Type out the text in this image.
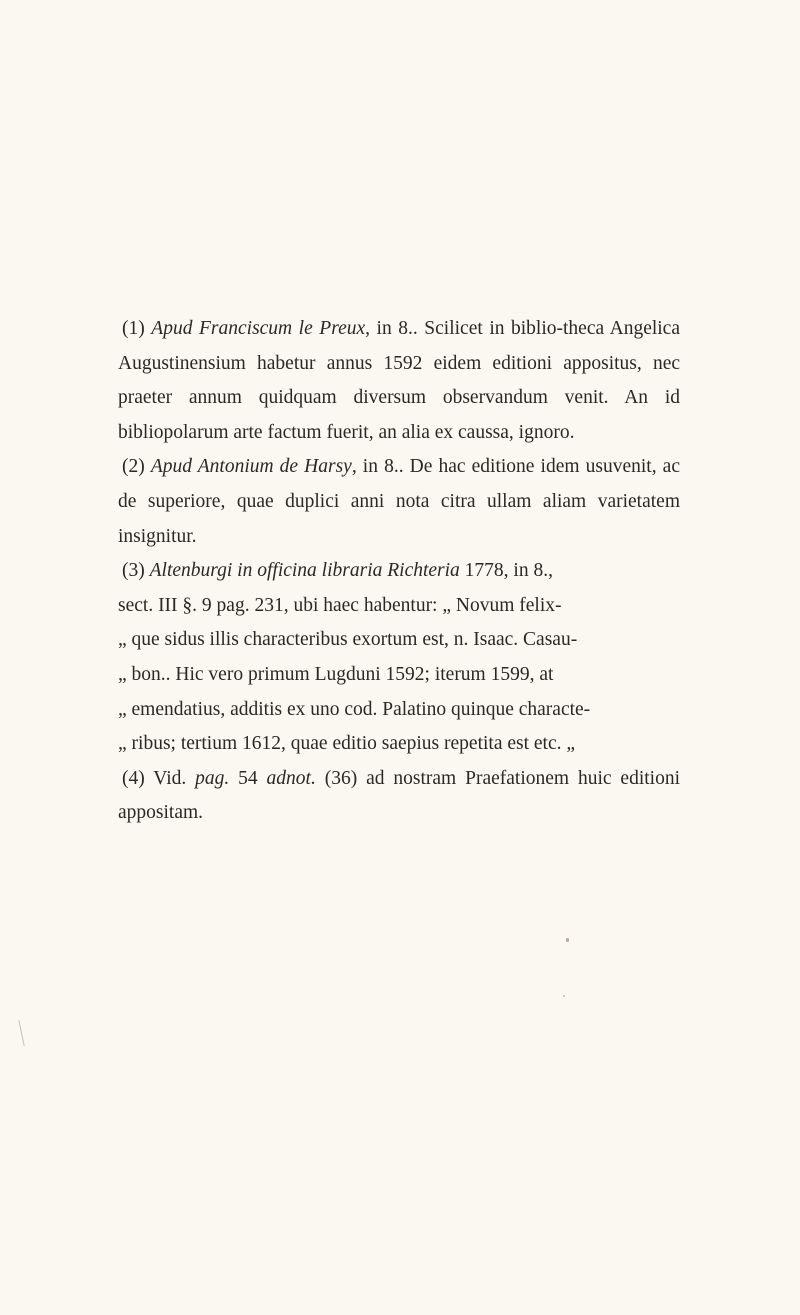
(1) Apud Franciscum le Preux, in 8.. Scilicet in biblio-theca Angelica Augustinensium habetur annus 1592 eidem editioni appositus, nec praeter annum quidquam diversum observandum venit. An id bibliopolarum arte factum fuerit, an alia ex caussa, ignoro.

(2) Apud Antonium de Harsy, in 8.. De hac editione idem usuvenit, ac de superiore, quae duplici anni nota citra ullam aliam varietatem insignitur.

(3) Altenburgi in officina libraria Richteria 1778, in 8.,

sect. III §. 9 pag. 231, ubi haec habentur: „ Novum felix-

„ que sidus illis characteribus exortum est, n. Isaac. Casau-

„ bon.. Hic vero primum Lugduni 1592; iterum 1599, at

„ emendatius, additis ex uno cod. Palatino quinque characte-

„ ribus; tertium 1612, quae editio saepius repetita est etc. „

(4) Vid. pag. 54 adnot. (36) ad nostram Praefationem huic editioni appositam.
